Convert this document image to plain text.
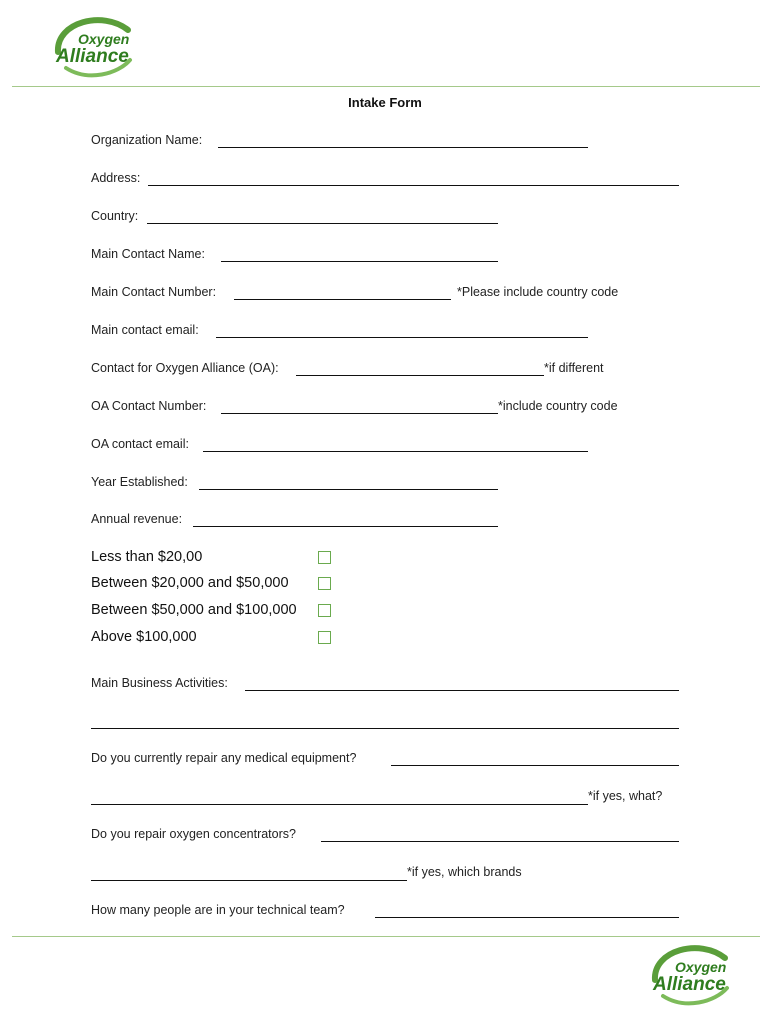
Oxygen
Alliance
Intake Form
Organization Name:
Address:
Country:
Main Contact Name:
Main Contact Number:	*Please include country code
Main contact email:
Contact for Oxygen Alliance (OA):	*if different
OA Contact Number:	*include country code
OA contact email:
Year Established:
Annual revenue:
Less than $20,00
Between $20,000 and $50,000
Between $50,000 and $100,000
Above $100,000
Main Business Activities:
Do you currently repair any medical equipment?
*if yes, what?
Do you repair oxygen concentrators?
*if yes, which brands
How many people are in your technical team?
Oxygen
Alliance
